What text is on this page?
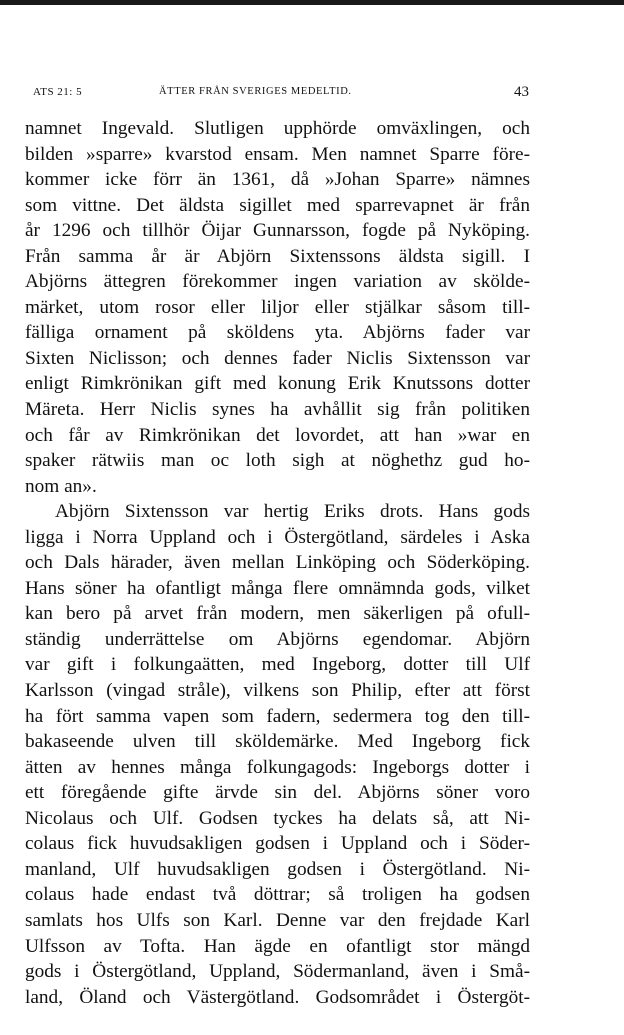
ATS 21: 5	ÄTTER FRÅN SVERIGES MEDELTID.	43
namnet Ingevald. Slutligen upphörde omväxlingen, och
bilden »sparre» kvarstod ensam. Men namnet Sparre före-
kommer icke förr än 1361, då »Johan Sparre» nämnes
som vittne. Det äldsta sigillet med sparrevapnet är från
år 1296 och tillhör Öijar Gunnarsson, fogde på Nyköping.
Från samma år är Abjörn Sixtenssons äldsta sigill. I
Abjörns ättegren förekommer ingen variation av skölde-
märket, utom rosor eller liljor eller stjälkar såsom till-
fälliga ornament på sköldens yta. Abjörns fader var
Sixten Niclisson; och dennes fader Niclis Sixtensson var
enligt Rimkrönikan gift med konung Erik Knutssons dotter
Märeta. Herr Niclis synes ha avhållit sig från politiken
och får av Rimkrönikan det lovordet, att han »war en
spaker rätwiis man oc loth sigh at nöghethz gud ho-
nom an».
Abjörn Sixtensson var hertig Eriks drots. Hans gods
ligga i Norra Uppland och i Östergötland, särdeles i Aska
och Dals härader, även mellan Linköping och Söderköping.
Hans söner ha ofantligt många flere omnämnda gods, vilket
kan bero på arvet från modern, men säkerligen på ofull-
ständig underrättelse om Abjörns egendomar. Abjörn
var gift i folkungaätten, med Ingeborg, dotter till Ulf
Karlsson (vingad stråle), vilkens son Philip, efter att först
ha fört samma vapen som fadern, sedermera tog den till-
bakaseende ulven till sköldemärke. Med Ingeborg fick
ätten av hennes många folkungagods: Ingeborgs dotter i
ett föregående gifte ärvde sin del. Abjörns söner voro
Nicolaus och Ulf. Godsen tyckes ha delats så, att Ni-
colaus fick huvudsakligen godsen i Uppland och i Söder-
manland, Ulf huvudsakligen godsen i Östergötland. Ni-
colaus hade endast två döttrar; så troligen ha godsen
samlats hos Ulfs son Karl. Denne var den frejdade Karl
Ulfsson av Tofta. Han ägde en ofantligt stor mängd
gods i Östergötland, Uppland, Södermanland, även i Små-
land, Öland och Västergötland. Godsområdet i Östergöt-
